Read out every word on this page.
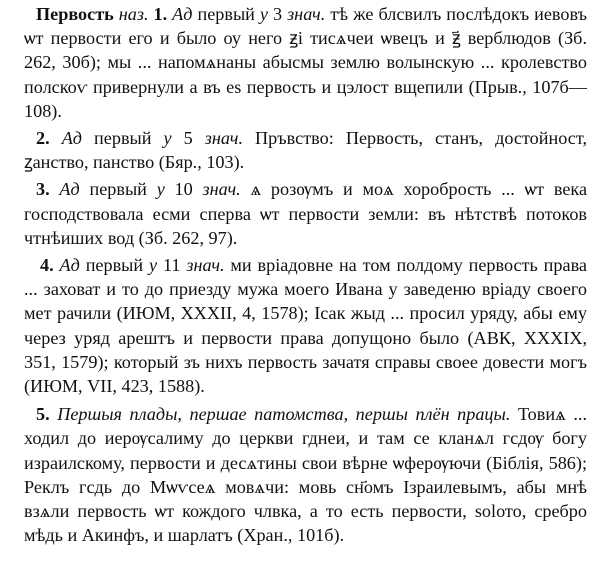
Первость наз. 1. Ад первый у 3 знач. тѣ же блсвилъ послѣдокъ иевовъ ѡт первости его и было оу него ꙃі тисѧчеи ѡвецъ и ꙃ҃ верблюдов (Зб. 262, 30б); мы ... напомѧнаны абысмы землю волынскую ... кролевство полскоѵ привернули а въ еѕ первость и цэлост вщепили (Прыв., 107б—108).

2. Ад первый у 5 знач. Пръвство: Первость, станъ, достойност, ꙁанство, панство (Бяр., 103).

3. Ад первый у 10 знач. ѧ розѹмъ и моѧ хоробрость ... ѡт века господствовала есми сперва ѡт первости земли: въ нѣтствѣ потоков чтнѣиших вод (Зб. 262, 97).

4. Ад первый у 11 знач. ми вріадовне на том полдому первость права ... заховат и то до приезду мужа моего Ивана у заведеню вріаду своего мет рачили (ИЮМ, XXXII, 4, 1578); Ісак жыд ... просил уряду, абы ему через уряд арештъ и первости права допущоно было (АВК, XXXIX, 351, 1579); который зъ нихъ первость зачатя справы своее довести могъ (ИЮМ, VII, 423, 1588).

5. Першыя плады, першае патомства, першы плён працы. Товиѧ ... ходил до иерѹсалиму до церкви гднеи, и там се кланѧл гсдѹ богу израилскому, первости и десѧтины свои вѣрне ѡферѹючи (Біблія, 586); Реклъ гсдь до Мѡѵсеѧ мовѧчи: мовь сн҃омъ Ізраилевымъ, абы мнѣ взѧли первость ѡт кождого члвка, а то есть первости, solото, сребро мѣдь и Акинфъ, и шарлатъ (Хран., 101б).
